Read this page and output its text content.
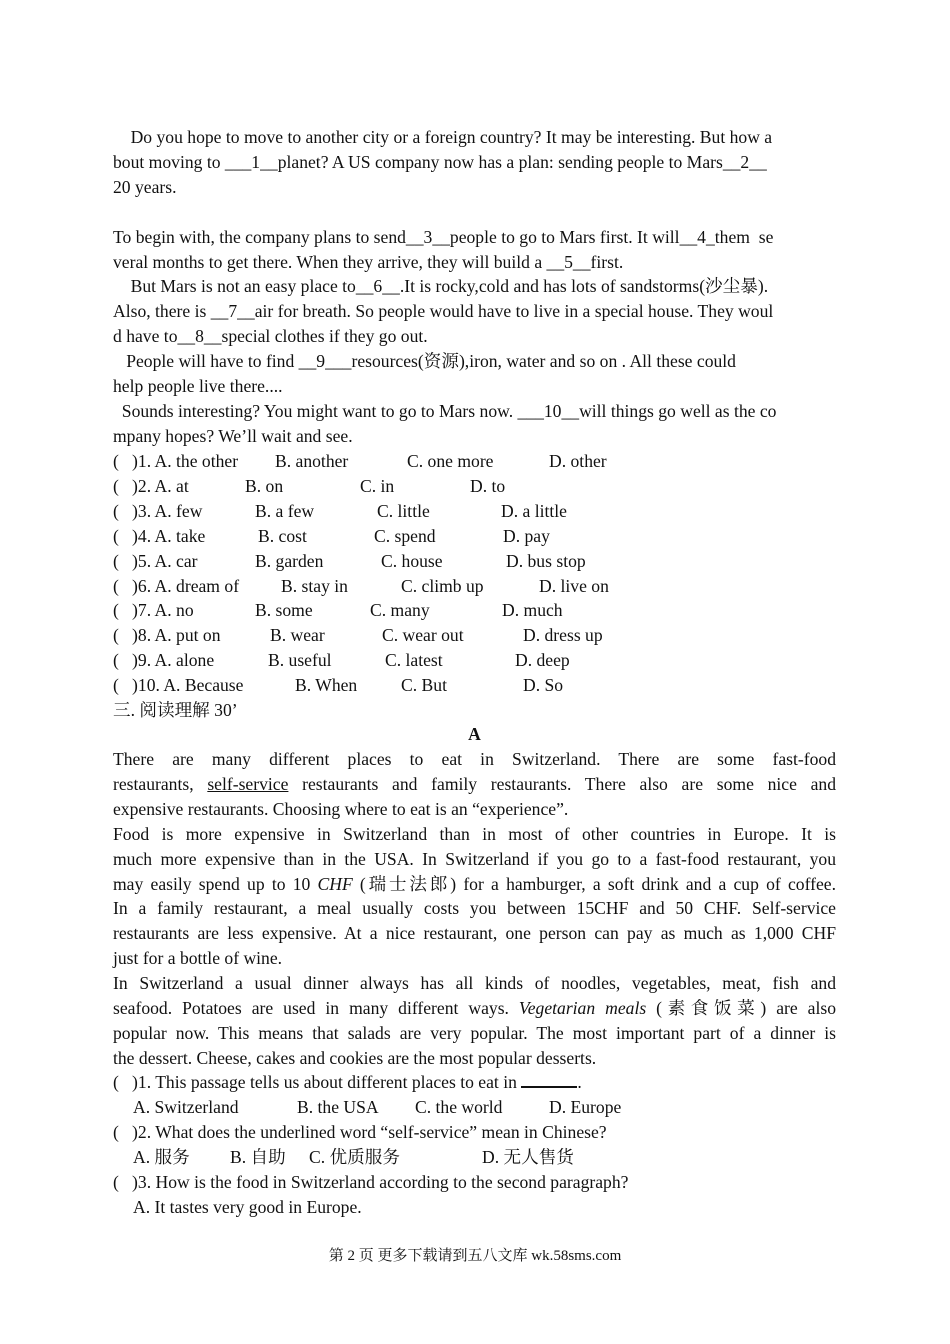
Do you hope to move to another city or a foreign country? It may be interesting. But how a
bout moving to ___1__planet? A US company now has a plan: sending people to Mars__2__
20 years.
To begin with, the company plans to send__3__people to go to Mars first. It will__4_them  se
veral months to get there. When they arrive, they will build a __5__first.
But Mars is not an easy place to__6__.It is rocky,cold and has lots of sandstorms(沙尘暴).
Also, there is __7__air for breath. So people would have to live in a special house. They woul
d have to__8__special clothes if they go out.
People will have to find __9___resources(资源),iron, water and so on . All these could
help people live there....
Sounds interesting? You might want to go to Mars now. ___10__will things go well as the co
mpany hopes? We’ll wait and see.
(   )1. A. the other B. another	C. one more	D. other
(   )2. A. at	B. on	C. in	D. to
(   )3. A. few	B. a few	C. little	D. a little
(   )4. A. take	B. cost	C. spend	D. pay
(   )5. A. car	B. garden	C. house	D. bus stop
(   )6. A. dream of B. stay in	C. climb up	D. live on
(   )7. A. no	B. some	C. many	D. much
(   )8. A. put on	B. wear	C. wear out	D. dress up
(   )9. A. alone	B. useful	C. latest	D. deep
(   )10. A. Because	B. When C. But	D. So
三. 阅读理解 30’
A
There are many different places to eat in Switzerland. There are some fast-food
restaurants, self-service restaurants and family restaurants. There also are some nice and
expensive restaurants. Choosing where to eat is an “experience”.
Food is more expensive in Switzerland than in most of other countries in Europe. It is
much more expensive than in the USA. In Switzerland if you go to a fast-food restaurant, you
may easily spend up to 10 CHF (瑞士法郎) for a hamburger, a soft drink and a cup of coffee.
In a family restaurant, a meal usually costs you between 15CHF and 50 CHF. Self-service
restaurants are less expensive. At a nice restaurant, one person can pay as much as 1,000 CHF
just for a bottle of wine.
In Switzerland a usual dinner always has all kinds of noodles, vegetables, meat, fish and
seafood. Potatoes are used in many different ways. Vegetarian meals (素食饭菜) are also
popular now. This means that salads are very popular. The most important part of a dinner is
the dessert. Cheese, cakes and cookies are the most popular desserts.
(   )1. This passage tells us about different places to eat in	.
A. Switzerland	B. the USA C. the world	D. Europe
(   )2. What does the underlined word “self-service” mean in Chinese?
A. 服务 B. 自助 C. 优质服务	D. 无人售货
(   )3. How is the food in Switzerland according to the second paragraph?
A. It tastes very good in Europe.
第 2 页 更多下载请到五八文库 wk.58sms.com
